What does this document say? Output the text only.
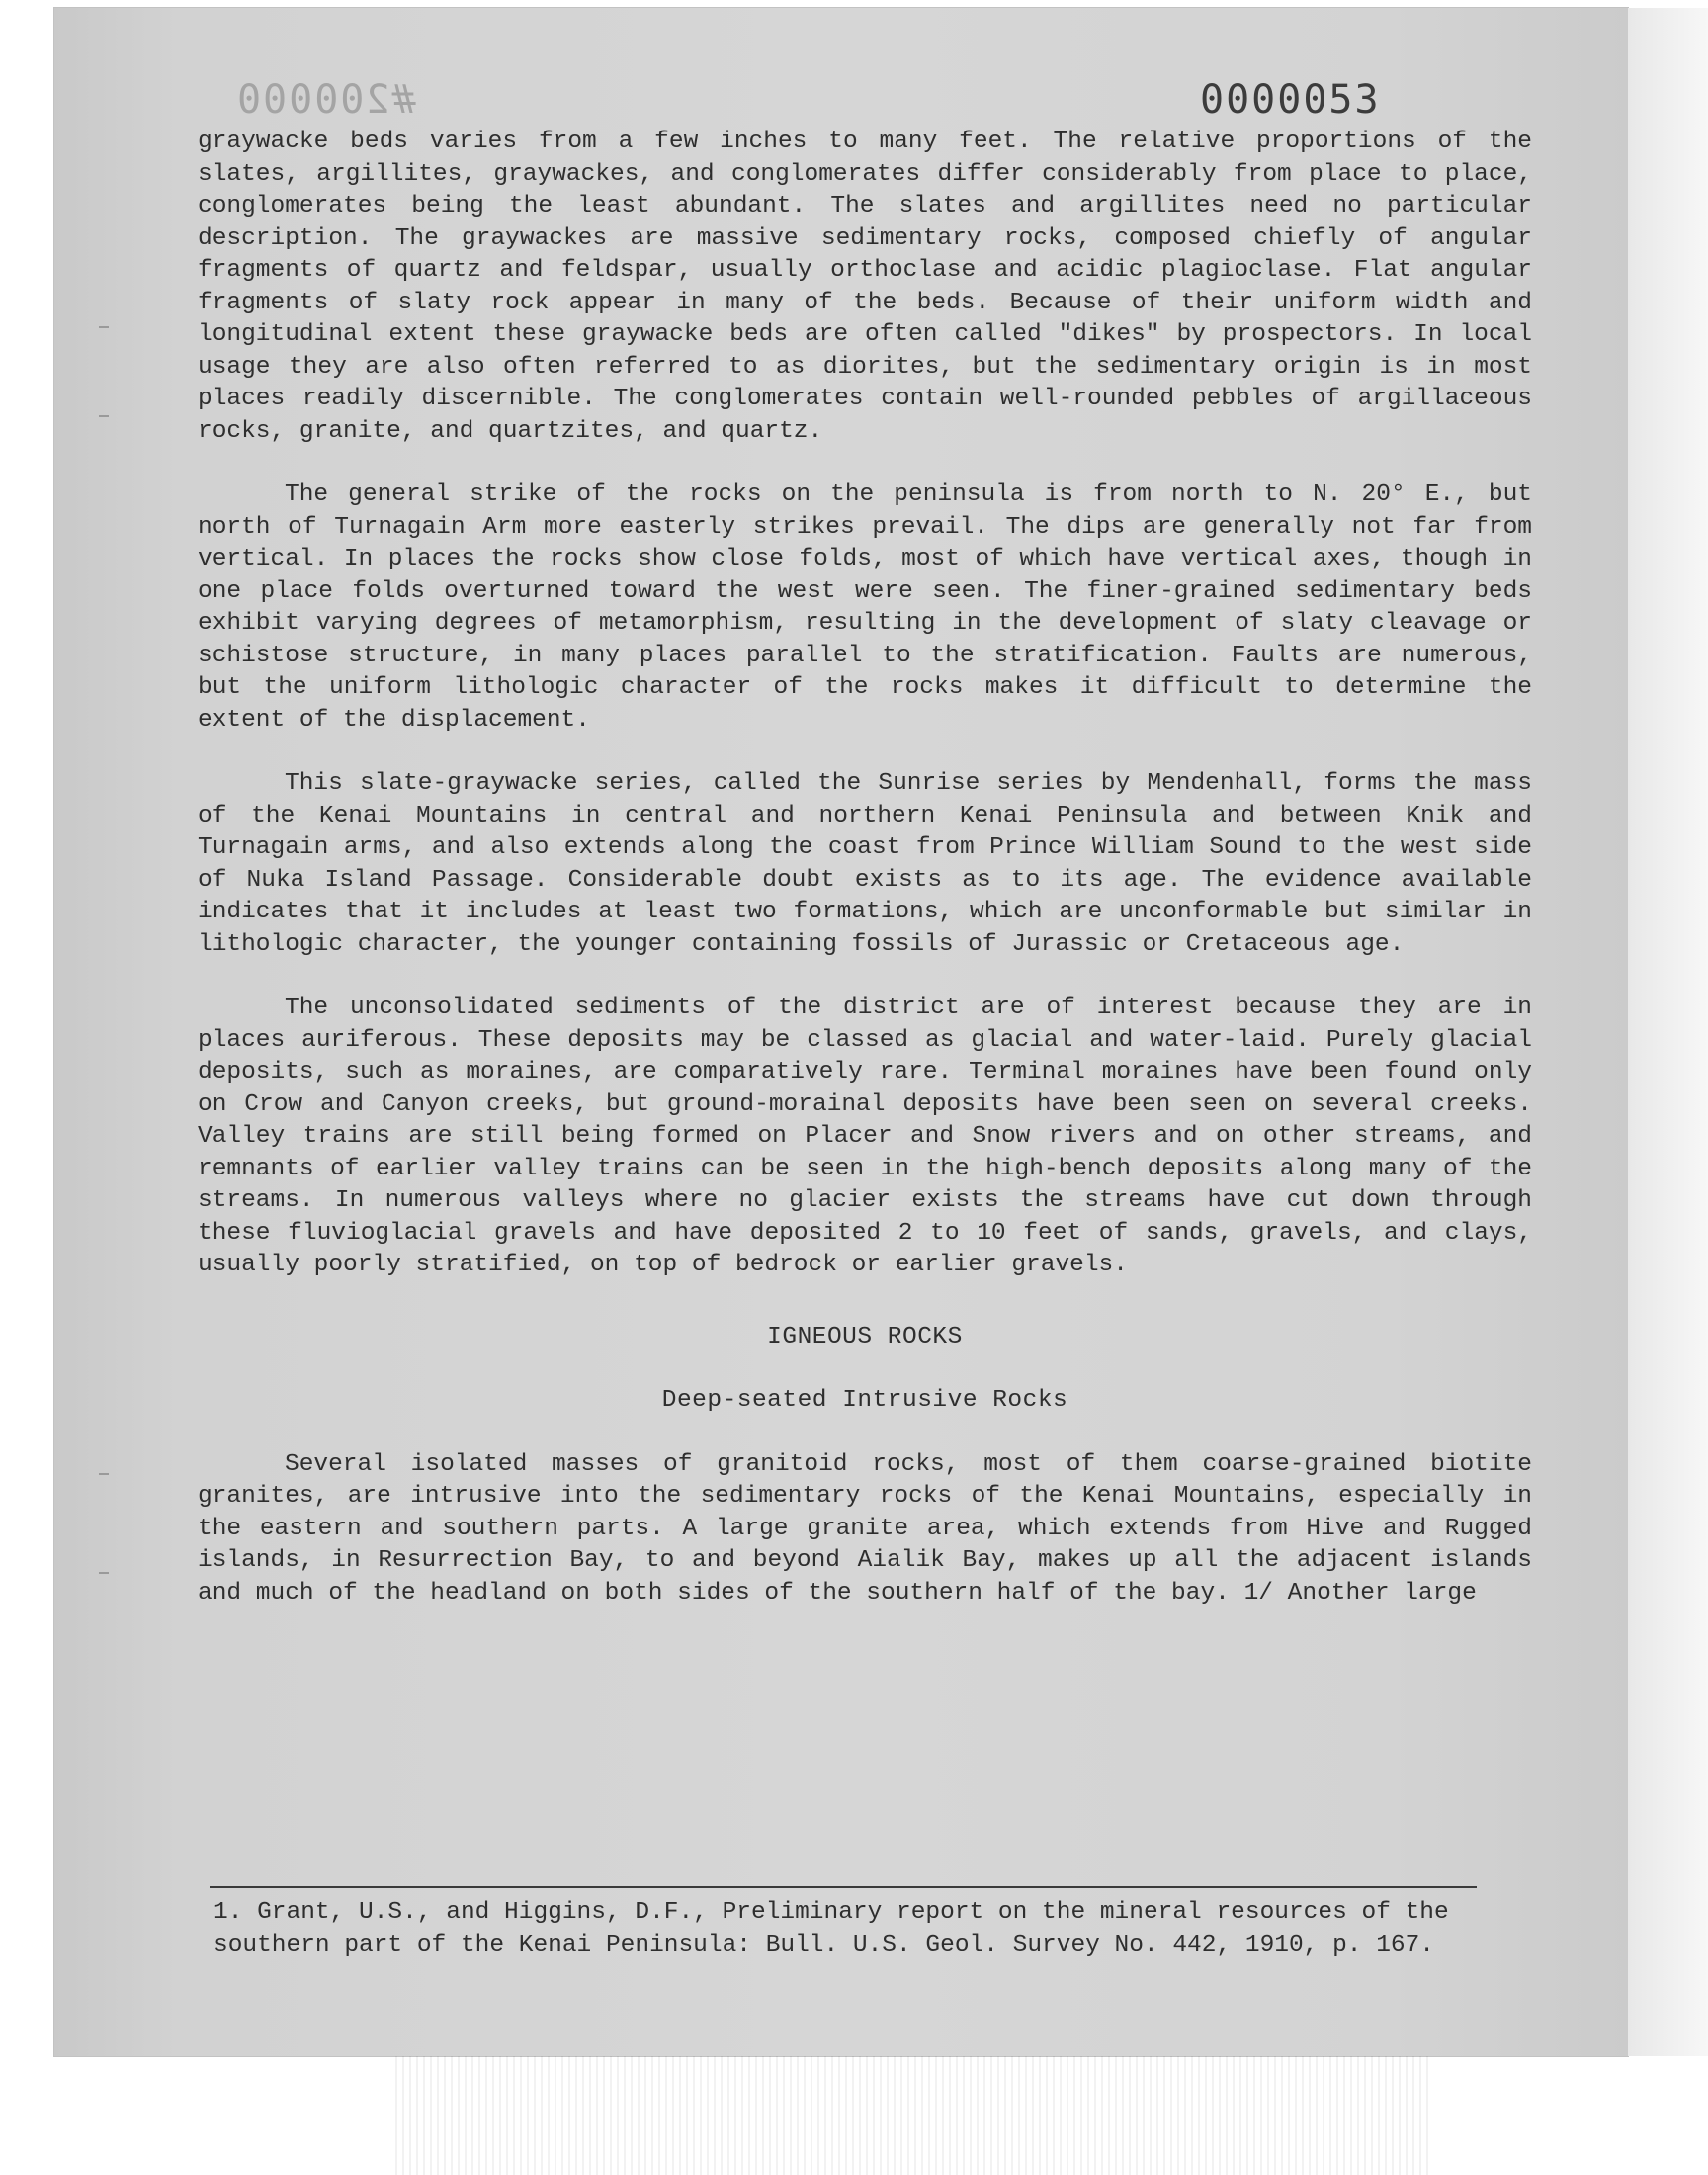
#200000	0000053

graywacke beds varies from a few inches to many feet. The relative proportions of the slates, argillites, graywackes, and conglomerates differ considerably from place to place, conglomerates being the least abundant. The slates and argillites need no particular description. The graywackes are massive sedimentary rocks, composed chiefly of angular fragments of quartz and feldspar, usually orthoclase and acidic plagioclase. Flat angular fragments of slaty rock appear in many of the beds. Because of their uniform width and longitudinal extent these graywacke beds are often called "dikes" by prospectors. In local usage they are also often referred to as diorites, but the sedimentary origin is in most places readily discernible. The conglomerates contain well-rounded pebbles of argillaceous rocks, granite, and quartzites, and quartz.

The general strike of the rocks on the peninsula is from north to N. 20° E., but north of Turnagain Arm more easterly strikes prevail. The dips are generally not far from vertical. In places the rocks show close folds, most of which have vertical axes, though in one place folds overturned toward the west were seen. The finer-grained sedimentary beds exhibit varying degrees of metamorphism, resulting in the development of slaty cleavage or schistose structure, in many places parallel to the stratification. Faults are numerous, but the uniform lithologic character of the rocks makes it difficult to determine the extent of the displacement.

This slate-graywacke series, called the Sunrise series by Mendenhall, forms the mass of the Kenai Mountains in central and northern Kenai Peninsula and between Knik and Turnagain arms, and also extends along the coast from Prince William Sound to the west side of Nuka Island Passage. Considerable doubt exists as to its age. The evidence available indicates that it includes at least two formations, which are unconformable but similar in lithologic character, the younger containing fossils of Jurassic or Cretaceous age.

The unconsolidated sediments of the district are of interest because they are in places auriferous. These deposits may be classed as glacial and water-laid. Purely glacial deposits, such as moraines, are comparatively rare. Terminal moraines have been found only on Crow and Canyon creeks, but ground-morainal deposits have been seen on several creeks. Valley trains are still being formed on Placer and Snow rivers and on other streams, and remnants of earlier valley trains can be seen in the high-bench deposits along many of the streams. In numerous valleys where no glacier exists the streams have cut down through these fluvioglacial gravels and have deposited 2 to 10 feet of sands, gravels, and clays, usually poorly stratified, on top of bedrock or earlier gravels.

IGNEOUS ROCKS
Deep-seated Intrusive Rocks

Several isolated masses of granitoid rocks, most of them coarse-grained biotite granites, are intrusive into the sedimentary rocks of the Kenai Mountains, especially in the eastern and southern parts. A large granite area, which extends from Hive and Rugged islands, in Resurrection Bay, to and beyond Aialik Bay, makes up all the adjacent islands and much of the headland on both sides of the southern half of the bay. 1/ Another large

1. Grant, U.S., and Higgins, D.F., Preliminary report on the mineral resources of the southern part of the Kenai Peninsula: Bull. U.S. Geol. Survey No. 442, 1910, p. 167.
